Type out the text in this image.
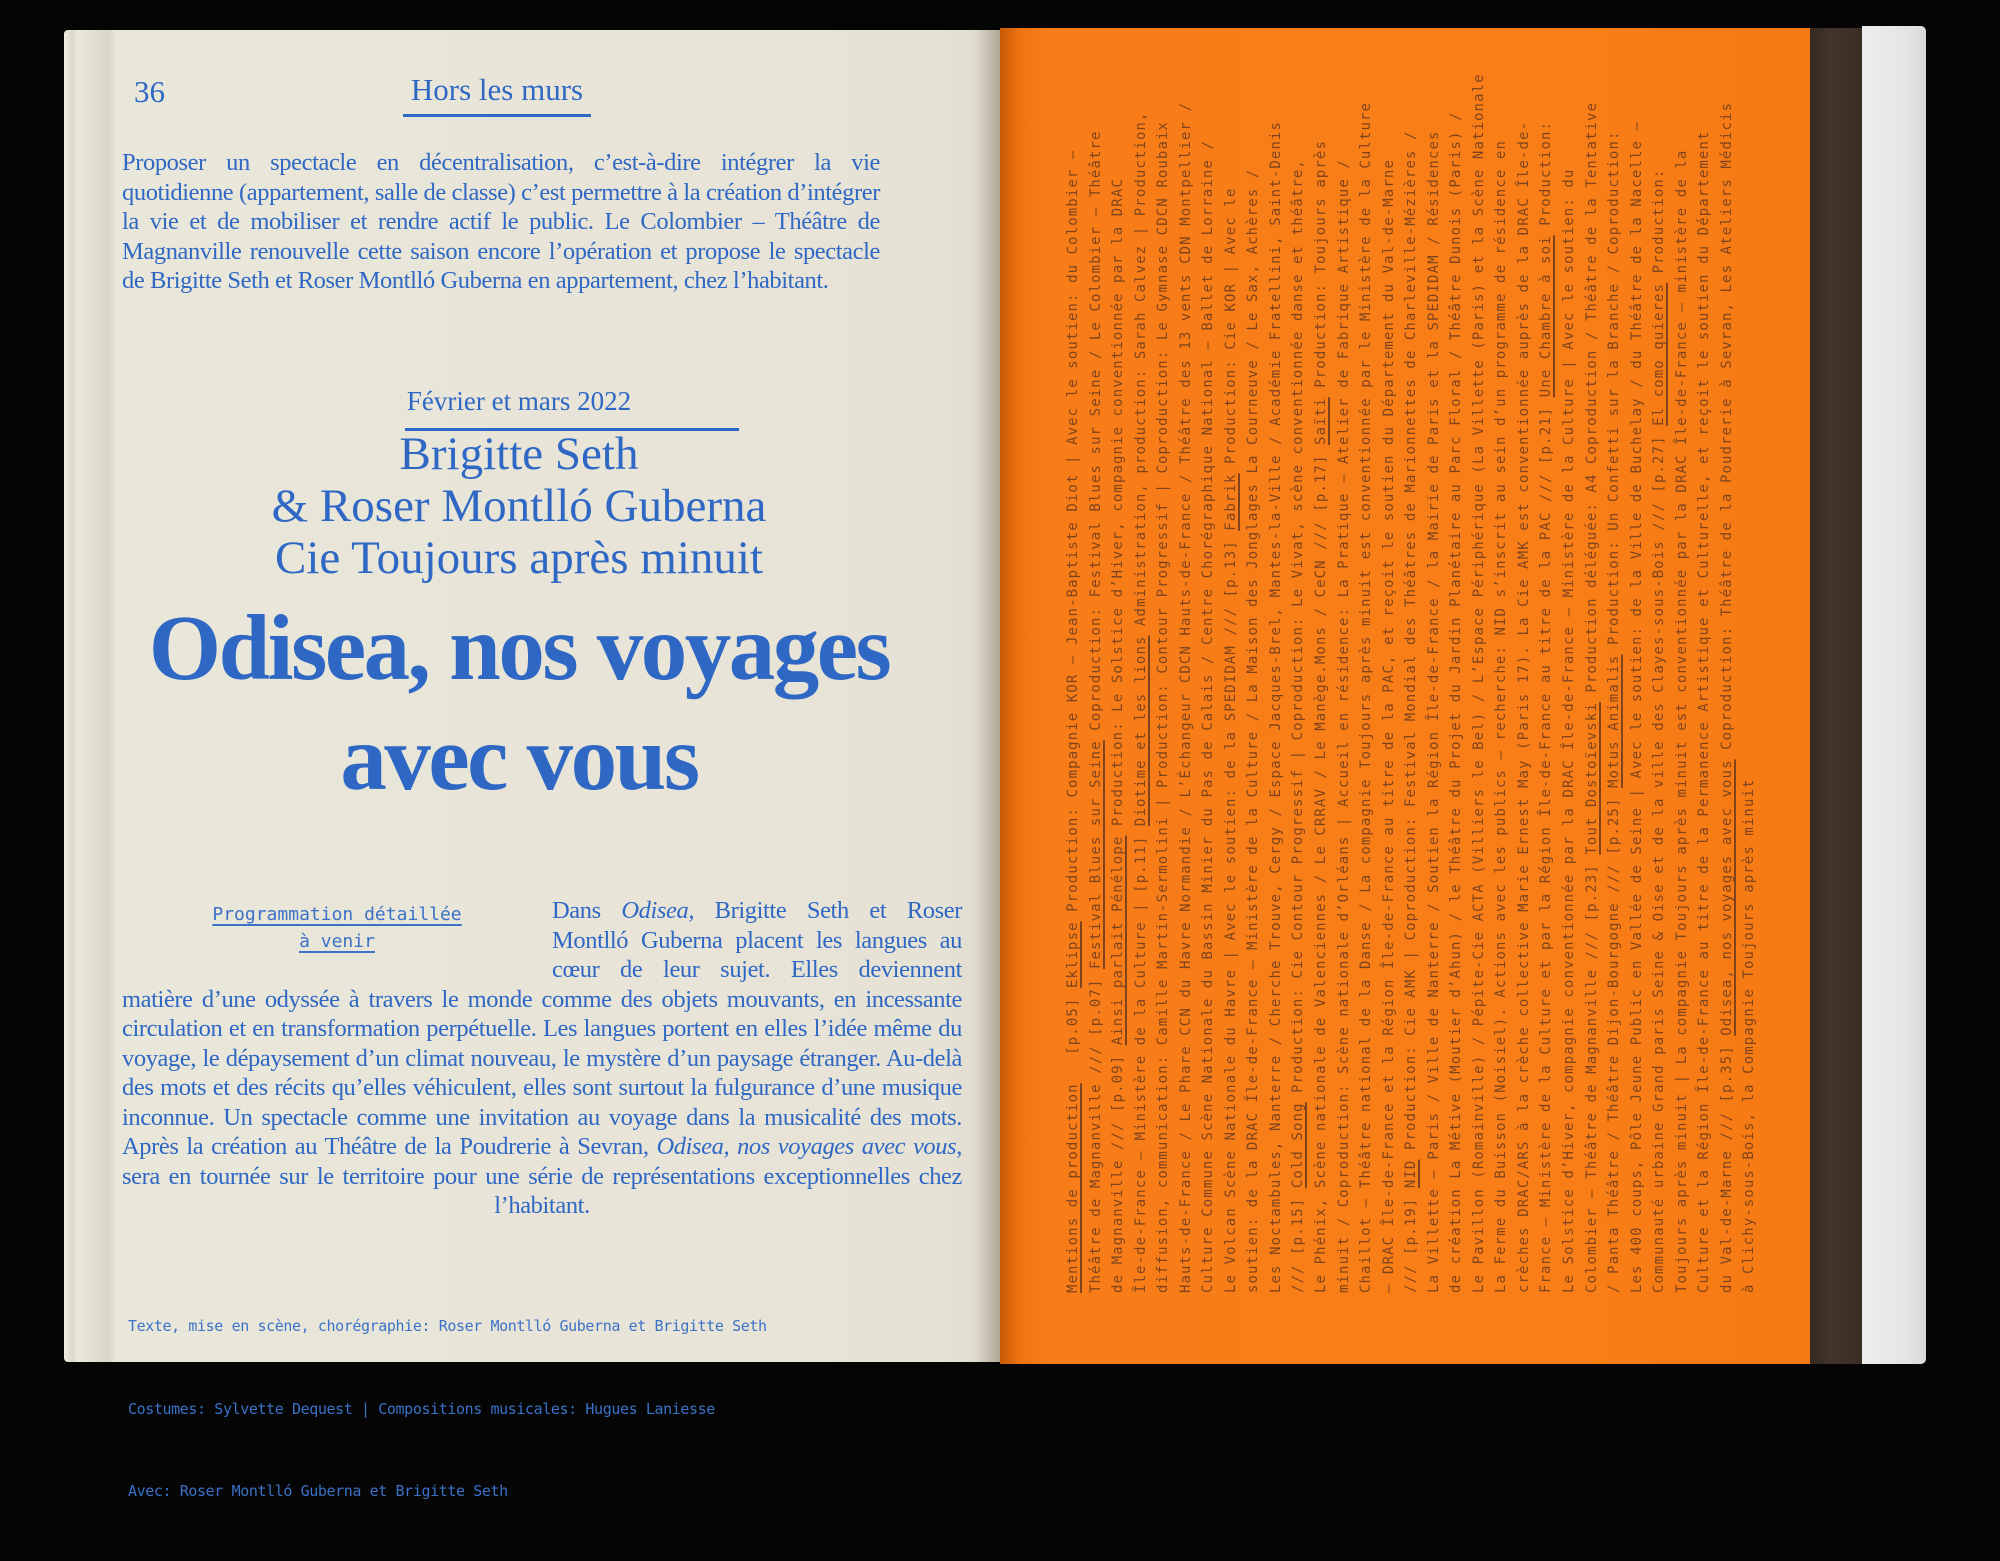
36	Hors les murs

Proposer un spectacle en décentralisation, c’est-à-dire intégrer la vie quotidienne (appartement, salle de classe) c’est permettre à la création d’intégrer la vie et de mobiliser et rendre actif le public. Le Colombier – Théâtre de Magnanville renouvelle cette saison encore l’opération et propose le spectacle de Brigitte Seth et Roser Montlló Guberna en appartement, chez l’habitant.

Février et mars 2022
Brigitte Seth
& Roser Montlló Guberna
Cie Toujours après minuit
Odisea, nos voyages
avec vous
Programmation détaillée
à venir

Dans Odisea, Brigitte Seth et Roser Montlló Guberna placent les langues au cœur de leur sujet. Elles deviennent matière d’une odyssée à travers le monde comme des objets mouvants, en incessante circulation et en transformation perpétuelle. Les langues portent en elles l’idée même du voyage, le dépaysement d’un climat nouveau, le mystère d’un paysage étranger. Au-delà des mots et des récits qu’elles véhiculent, elles sont surtout la fulgurance d’une musique inconnue. Un spectacle comme une invitation au voyage dans la musicalité des mots. Après la création au Théâtre de la Poudrerie à Sevran, Odisea, nos voyages avec vous, sera en tournée sur le territoire pour une série de représentations exceptionnelles chez l’habitant.

Texte, mise en scène, chorégraphie: Roser Montlló Guberna et Brigitte Seth

Costumes: Sylvette Dequest | Compositions musicales: Hugues Laniesse

Avec: Roser Montlló Guberna et Brigitte Seth

Mentions de production   [p.05] Eklipse Production: Compagnie KOR – Jean-Baptiste Diot | Avec le soutien: du Colombier –
Théâtre de Magnanville /// [p.07] Festival Blues sur Seine Coproduction: Festival Blues sur Seine / Le Colombier – Théâtre
de Magnanville /// [p.09] Ainsi parlait Pénélope Production: Le Solstice d’Hiver, compagnie conventionnée par la DRAC
Île-de-France – Ministère de la Culture | [p.11] Diotime et les lions Administration, production: Sarah Calvez | Production, diffusion, communication: Camille Martin-Sermolini | Production: Contour Progressif | Coproduction: Le Gymnase CDCN Roubaix Hauts-de-France / Le Phare CCN du Havre Normandie / L’Échangeur CDCN Hauts-de-France / Théâtre des 13 vents CDN Montpellier / Culture Commune Scène Nationale du Bassin Minier du Pas de Calais / Centre Chorégraphique National – Ballet de Lorraine / Le Volcan Scène Nationale du Havre | Avec le soutien: de la SPEDIDAM /// [p.13] Fabrik Production: Cie KOR | Avec le soutien: de la DRAC Île-de-France – Ministère de la Culture / La Maison des Jonglages La Courneuve / Le Sax, Achères / Les Noctambules, Nanterre / Cherche Trouve, Cergy / Espace Jacques-Brel, Mantes-la-Ville / Académie Fratellini, Saint-Denis /// [p.15] Cold Song Production: Cie Contour Progressif | Coproduction: Le Vivat, scène conventionnée danse et théâtre, Le Phénix, Scène nationale de Valenciennes / Le CRRAV / Le Manège.Mons / CeCN /// [p.17] Saïti Production: Toujours après minuit / Coproduction: Scène nationale d’Orléans | Accueil en résidence: La Pratique – Atelier de Fabrique Artistique / Chaillot – Théâtre national de la Danse / La compagnie Toujours après minuit est conventionnée par le Ministère de la Culture – DRAC Île-de-France et la Région Île-de-France au titre de la PAC, et reçoit le soutien du Département du Val-de-Marne /// [p.19] NID Production: Cie AMK | Coproduction: Festival Mondial des Théâtres de Marionnettes de Charleville-Mézières / La Villette – Paris / Ville de Nanterre / Soutien la Région Île-de-France / la Mairie de Paris et la SPEDIDAM / Résidences de création La Métive (Moutier d’Ahun) / le Théâtre du Projet du Jardin Planétaire au Parc Floral / Théâtre Dunois (Paris) / Le Pavillon (Romainville) / Pépite-Cie ACTA (Villiers le Bel) / L’Espace Périphérique (La Villette (Paris) et la Scène Nationale La Ferme du Buisson (Noisiel). Actions avec les publics – recherche: NID s’inscrit au sein d’un programme de résidence en crèches DRAC/ARS à la crèche collective Marie Ernest May (Paris 17). La Cie AMK est conventionnée auprès de la DRAC Île-de- France – Ministère de la Culture et par la Région Île-de-France au titre de la PAC /// [p.21] Une Chambre à soi Production: Le Solstice d’Hiver, compagnie conventionnée par la DRAC Île-de-France – Ministère de la Culture | Avec le soutien: du Colombier – Théâtre de Magnanville /// [p.23] Tout Dostoïevski Production déléguée: A4 Coproduction / Théâtre de la Tentative
/ Panta Théâtre / Théâtre Dijon-Bourgogne /// [p.25] Motus Animalis Production: Un Confetti sur la Branche / Coproduction: Les 400 coups, Pôle Jeune Public en Vallée de Seine | Avec le soutien: de la Ville de Buchelay / du Théâtre de la Nacelle – Communauté urbaine Grand paris Seine & Oise et de la ville des Clayes-sous-Bois /// [p.27] El como quieres Production: Toujours après minuit | La compagnie Toujours après minuit est conventionnée par la DRAC Île-de-France – ministère de la Culture et la Région Île-de-France au titre de la Permanence Artistique et Culturelle, et reçoit le soutien du Département du Val-de-Marne /// [p.35] Odisea, nos voyages avec vous Coproduction: Théâtre de la Poudrerie à Sevran, Les Ateliers Médicis
à Clichy-sous-Bois, la Compagnie Toujours après minuit
